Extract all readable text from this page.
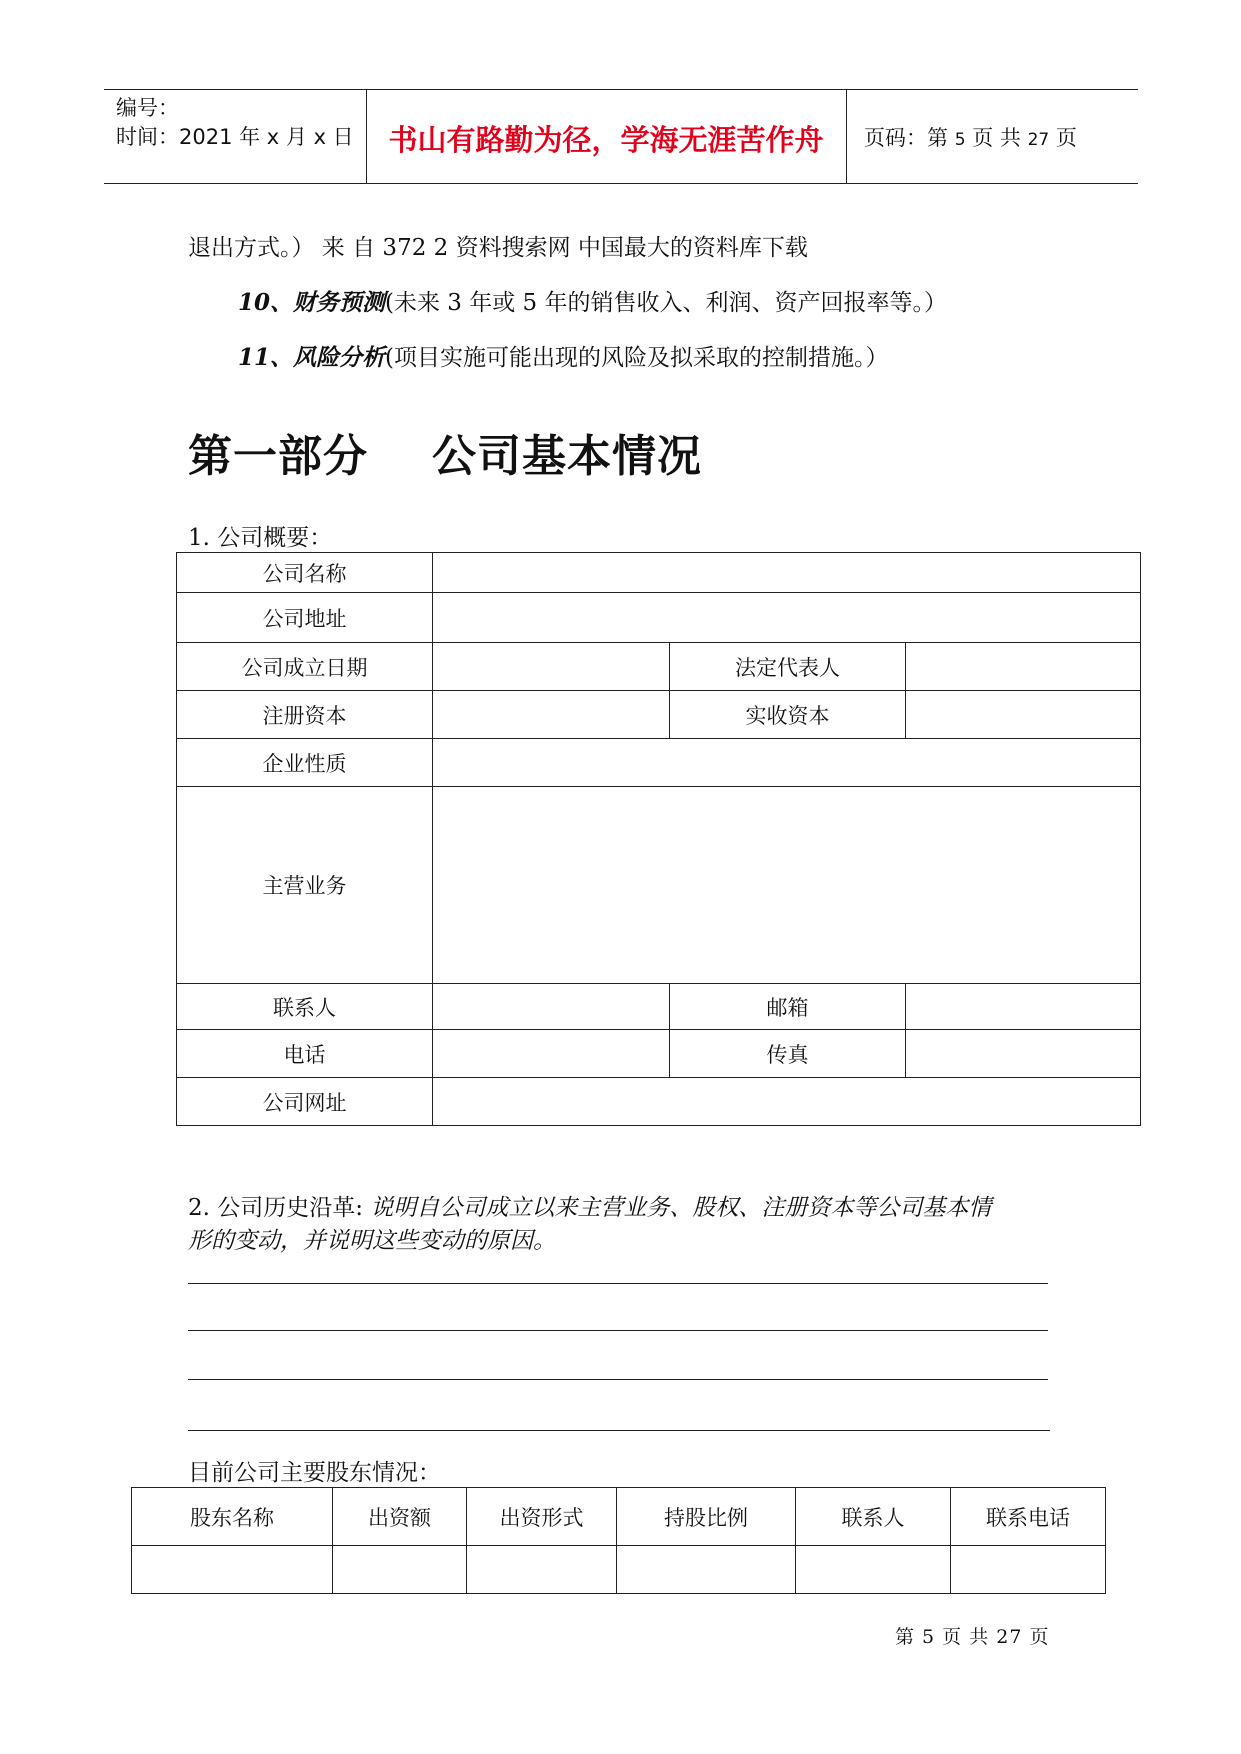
编号：
时间：2021 年 x 月 x 日	书山有路勤为径，学海无涯苦作舟	页码：第 5 页 共 27 页
退出方式。） 来 自 372 2 资料搜索网 中国最大的资料库下载
10、财务预测(未来 3 年或 5 年的销售收入、利润、资产回报率等。）
11、风险分析(项目实施可能出现的风险及拟采取的控制措施。）
第一部分 公司基本情况
1. 公司概要：
公司名称			
公司地址			
公司成立日期		法定代表人	
注册资本		实收资本	
企业性质			
主营业务			
联系人		邮箱	
电话		传真	
公司网址			
2. 公司历史沿革: 说明自公司成立以来主营业务、股权、注册资本等公司基本情
形的变动，并说明这些变动的原因。
目前公司主要股东情况：
股东名称	出资额	出资形式	持股比例	联系人	联系电话

第 5 页 共 27 页
